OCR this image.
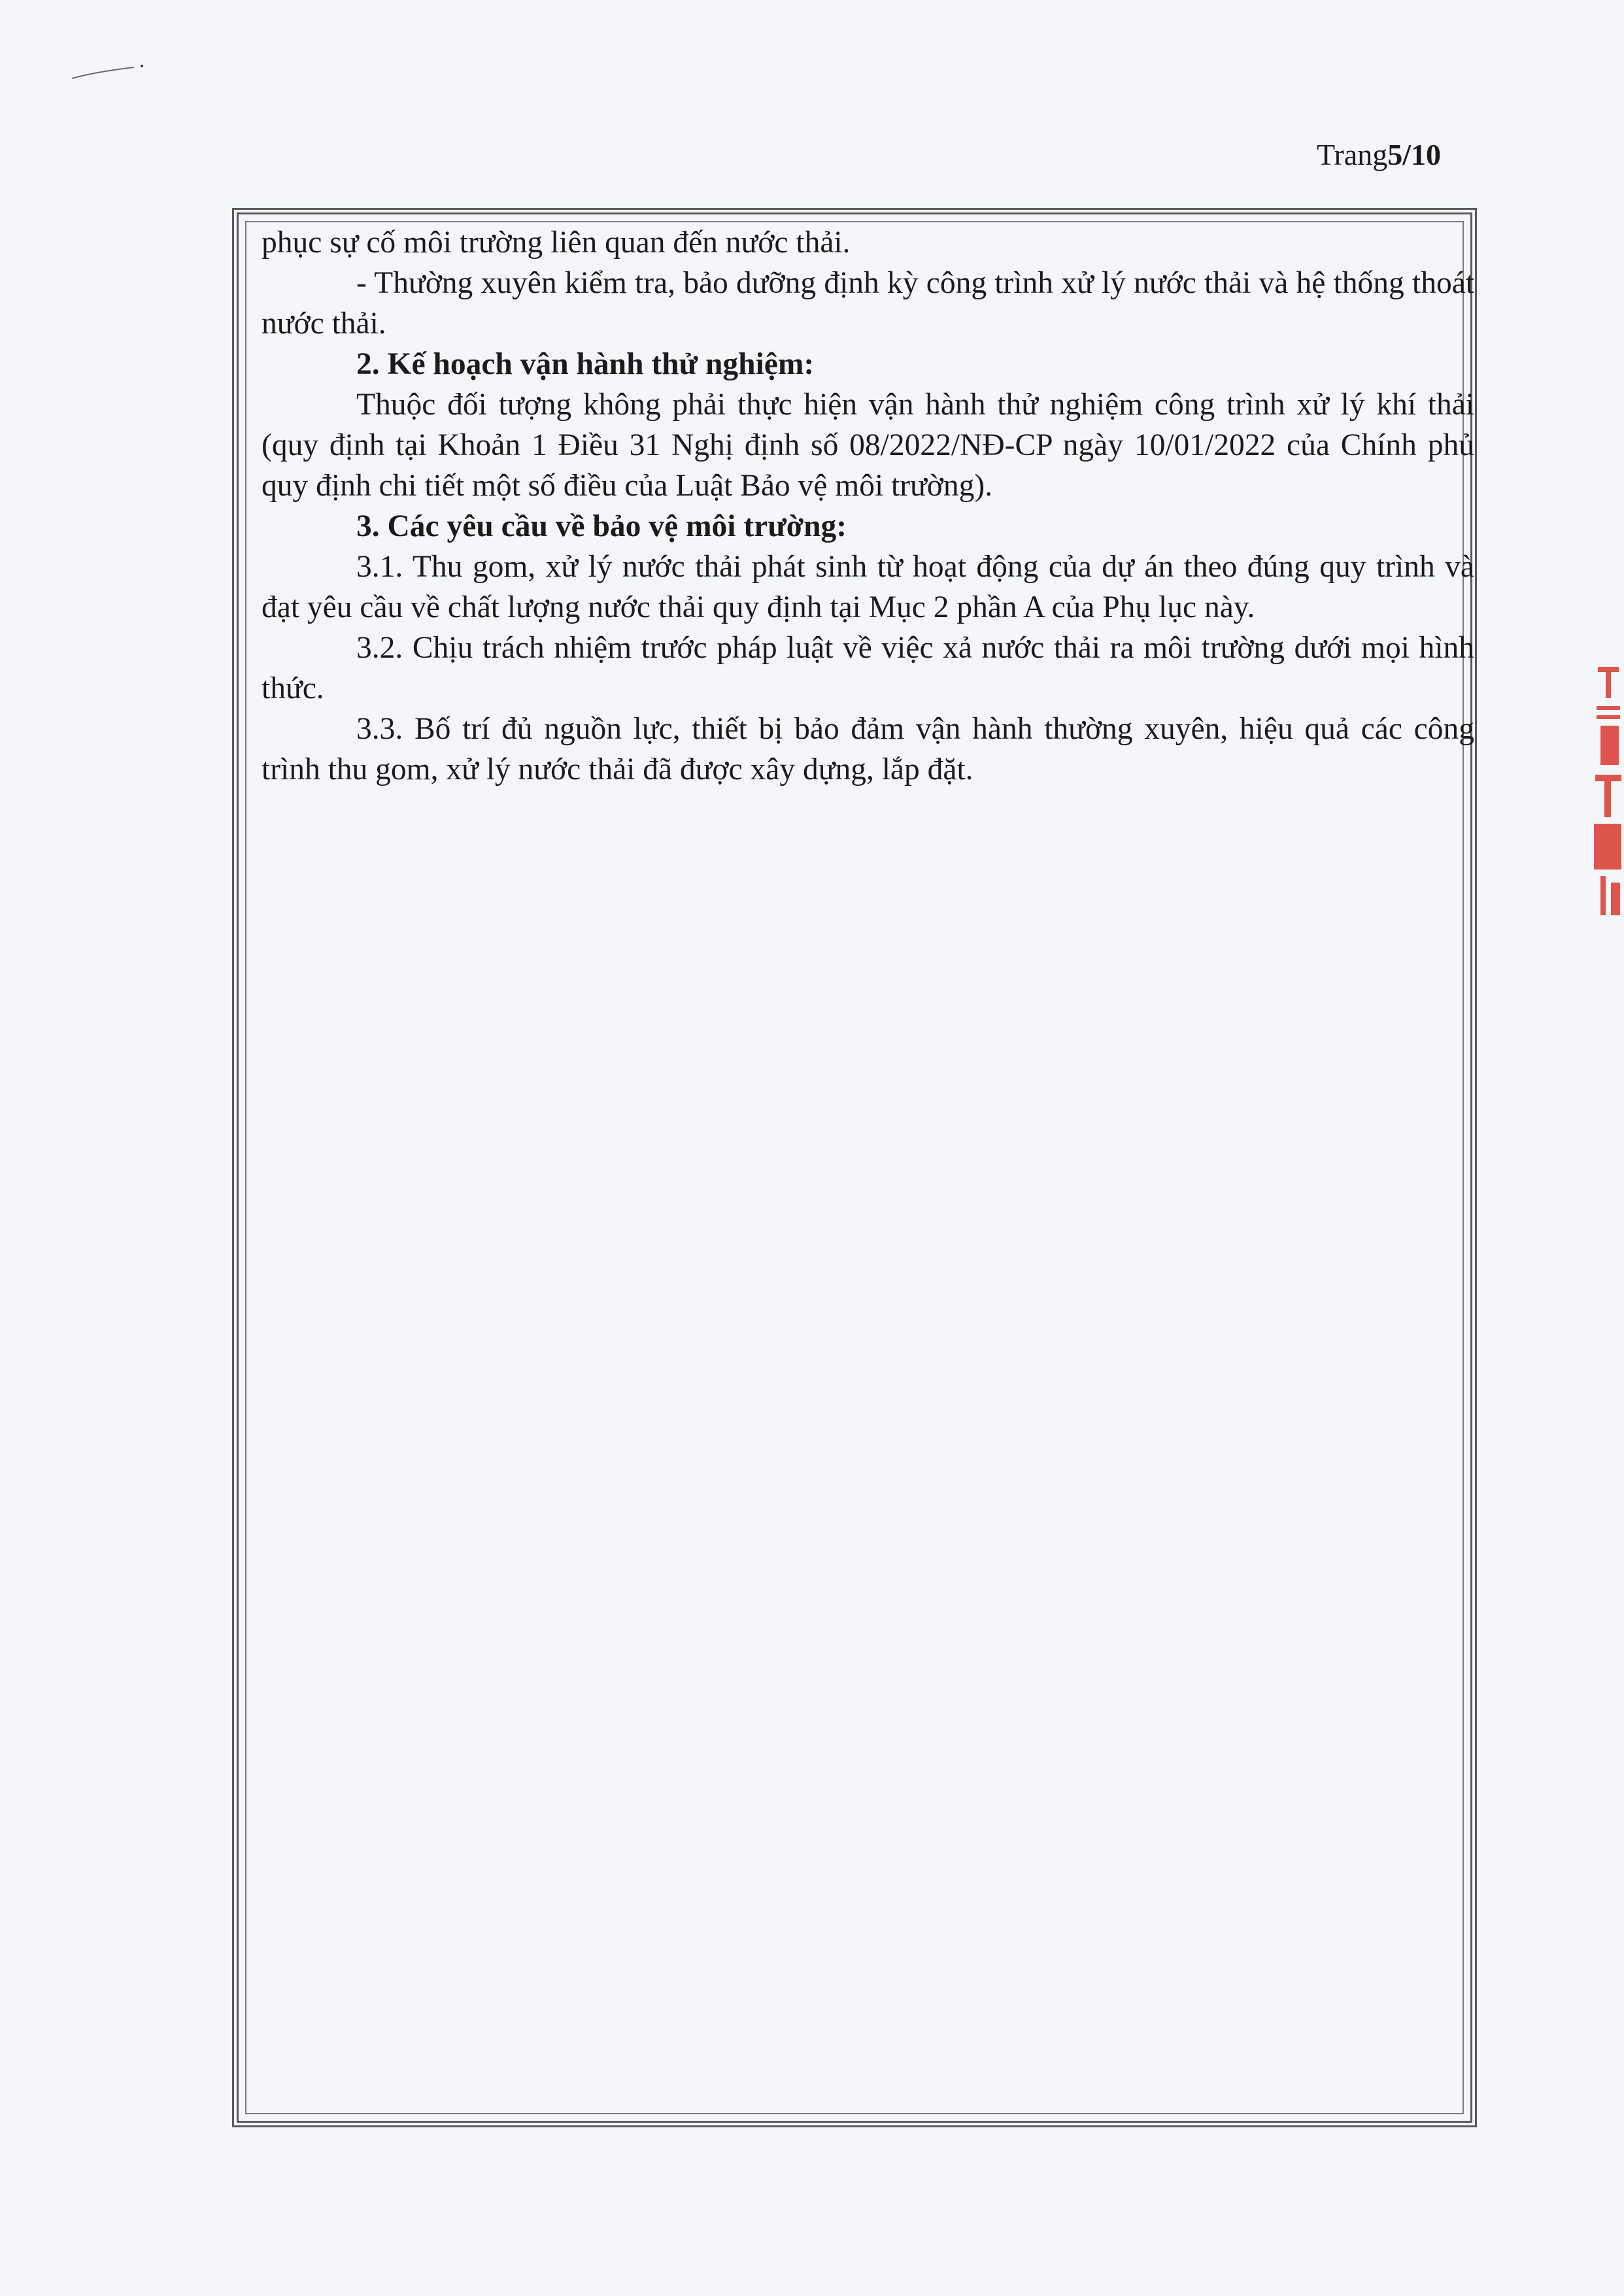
Trang5/10

phục sự cố môi trường liên quan đến nước thải.

- Thường xuyên kiểm tra, bảo dưỡng định kỳ công trình xử lý nước thải và hệ thống thoát nước thải.

2. Kế hoạch vận hành thử nghiệm:

Thuộc đối tượng không phải thực hiện vận hành thử nghiệm công trình xử lý khí thải (quy định tại Khoản 1 Điều 31 Nghị định số 08/2022/NĐ-CP ngày 10/01/2022 của Chính phủ quy định chi tiết một số điều của Luật Bảo vệ môi trường).

3. Các yêu cầu về bảo vệ môi trường:

3.1. Thu gom, xử lý nước thải phát sinh từ hoạt động của dự án theo đúng quy trình và đạt yêu cầu về chất lượng nước thải quy định tại Mục 2 phần A của Phụ lục này.

3.2. Chịu trách nhiệm trước pháp luật về việc xả nước thải ra môi trường dưới mọi hình thức.

3.3. Bố trí đủ nguồn lực, thiết bị bảo đảm vận hành thường xuyên, hiệu quả các công trình thu gom, xử lý nước thải đã được xây dựng, lắp đặt.
